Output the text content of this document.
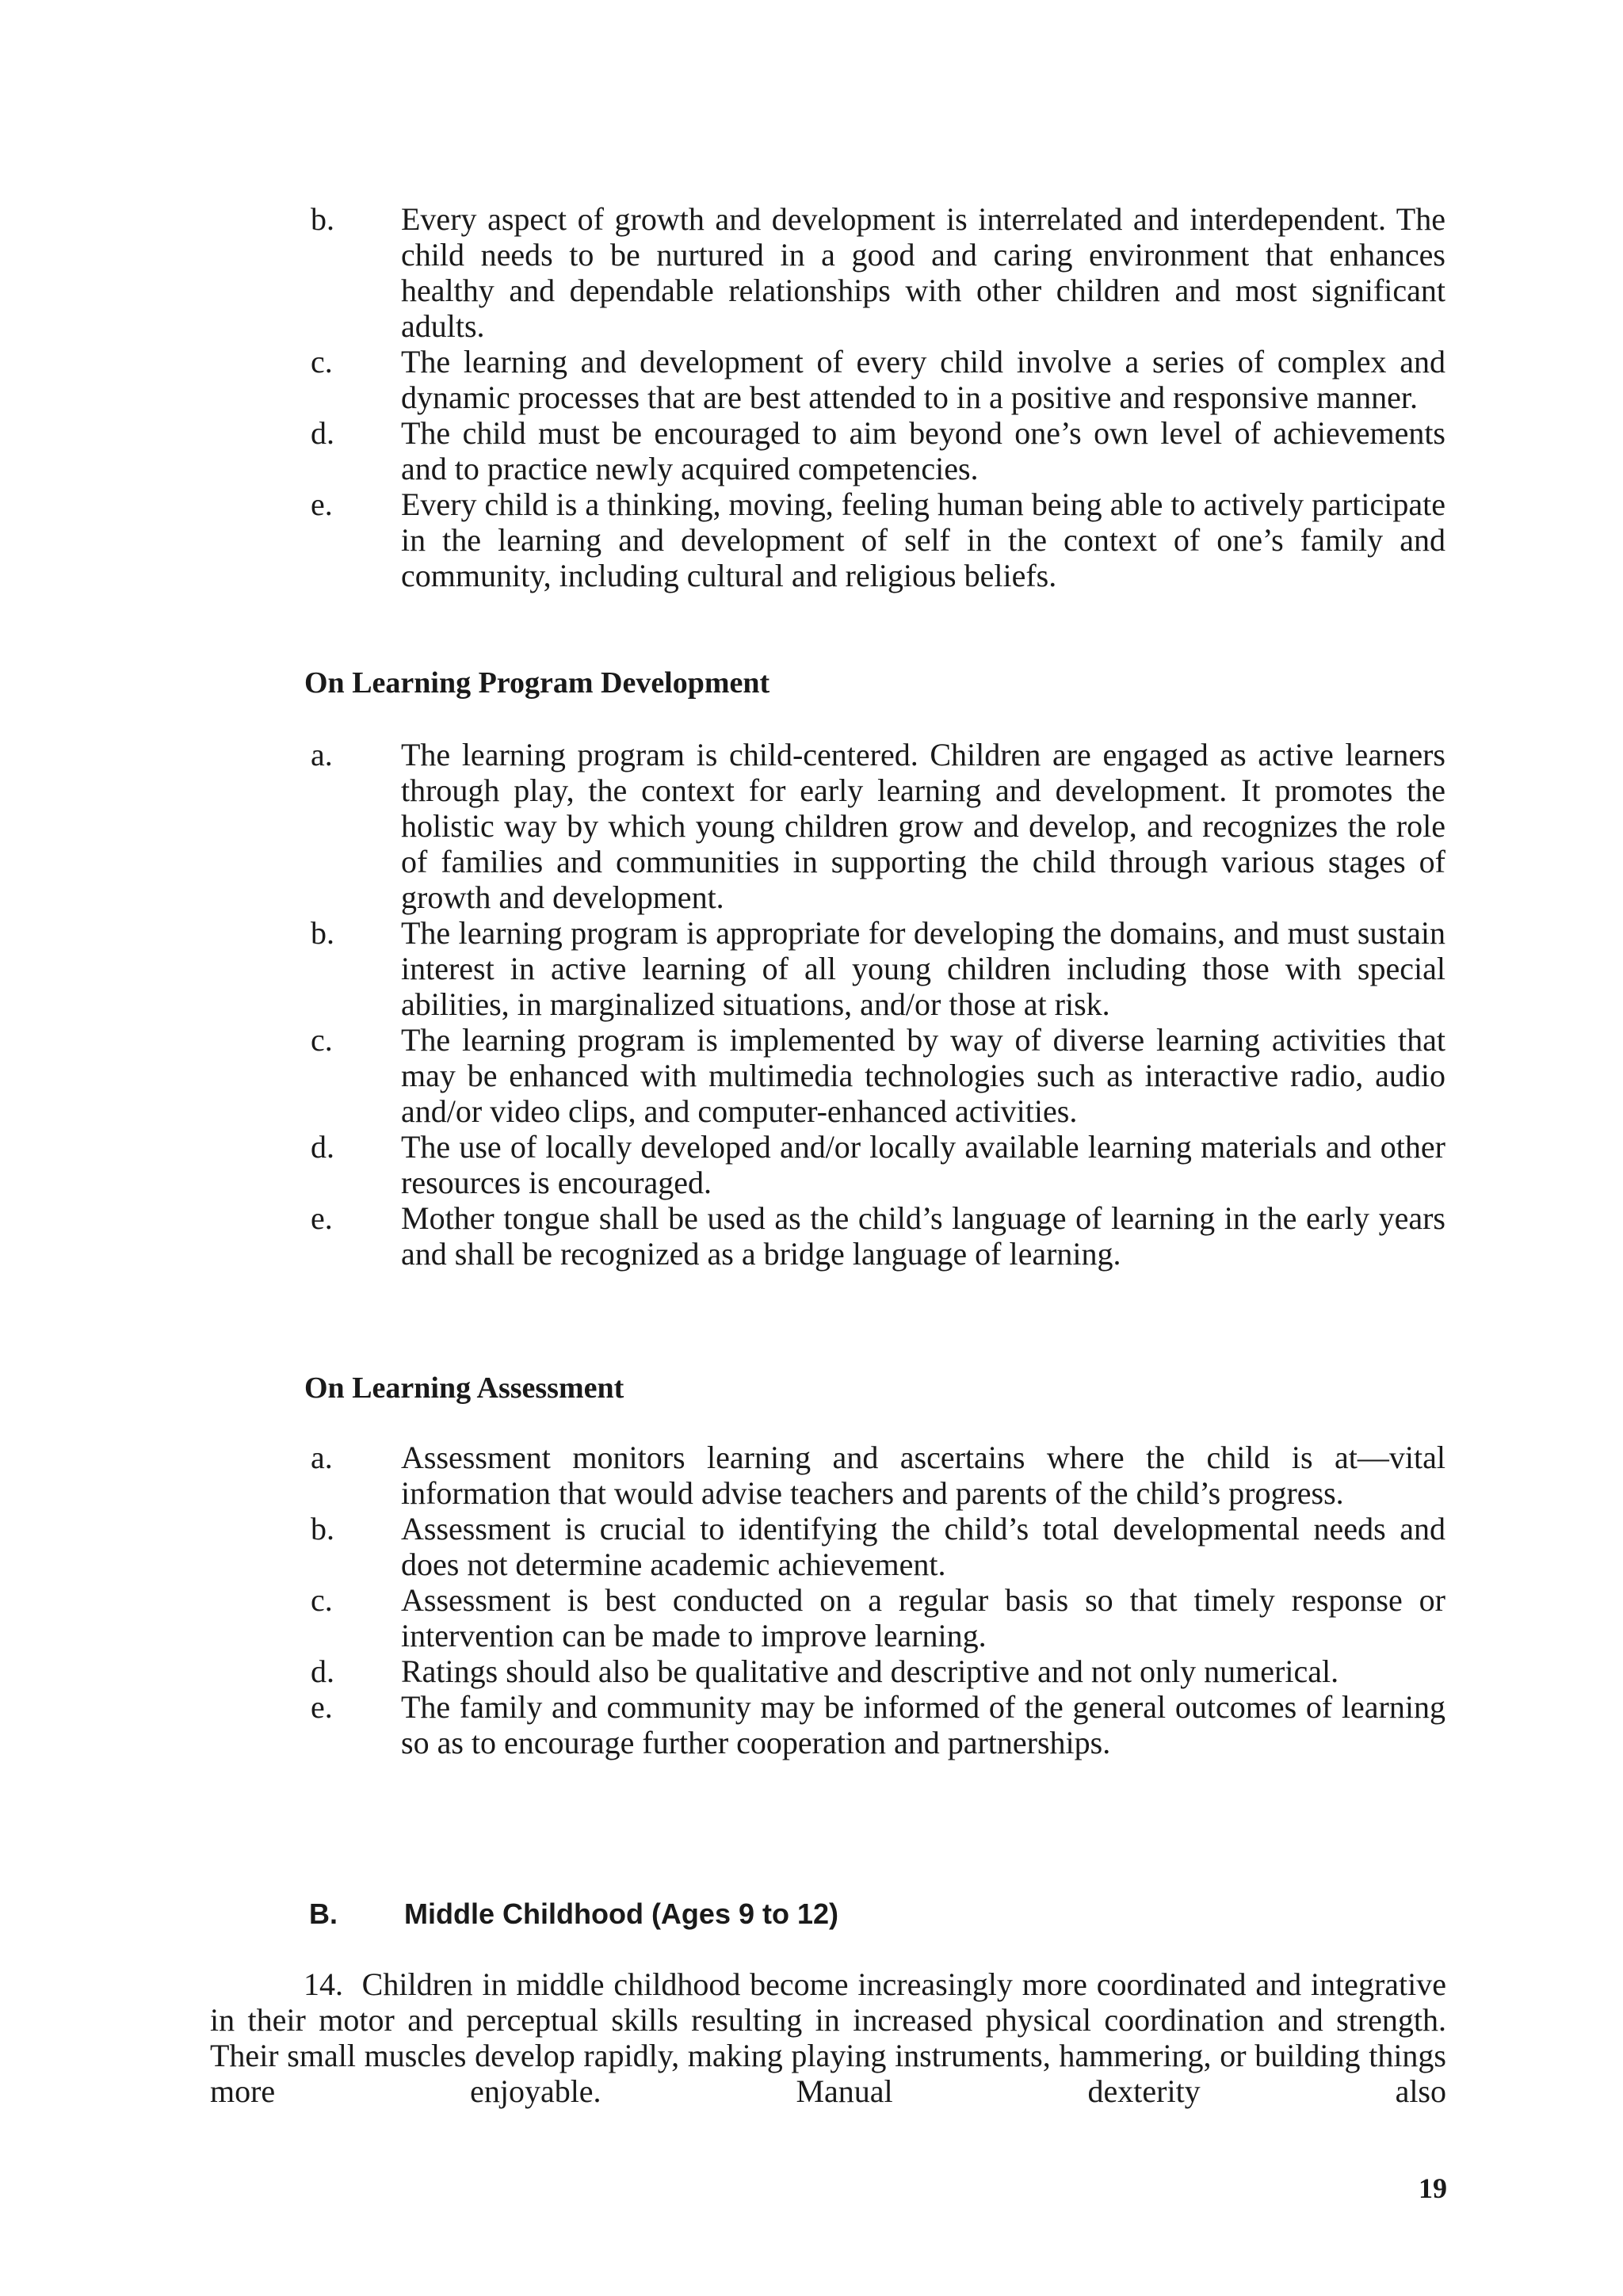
b.	Every aspect of growth and development is interrelated and interdependent. The child needs to be nurtured in a good and caring environment that enhances healthy and dependable relationships with other children and most significant adults.
c.	The learning and development of every child involve a series of complex and dynamic processes that are best attended to in a positive and responsive manner.
d.	The child must be encouraged to aim beyond one’s own level of achievements and to practice newly acquired competencies.
e.	Every child is a thinking, moving, feeling human being able to actively participate in the learning and development of self in the context of one’s family and community, including cultural and religious beliefs.
On Learning Program Development
a.	The learning program is child-centered. Children are engaged as active learners through play, the context for early learning and development. It promotes the holistic way by which young children grow and develop, and recognizes the role of families and communities in supporting the child through various stages of growth and development.
b.	The learning program is appropriate for developing the domains, and must sustain interest in active learning of all young children including those with special abilities, in marginalized situations, and/or those at risk.
c.	The learning program is implemented by way of diverse learning activities that may be enhanced with multimedia technologies such as interactive radio, audio and/or video clips, and computer-enhanced activities.
d.	The use of locally developed and/or locally available learning materials and other resources is encouraged.
e.	Mother tongue shall be used as the child’s language of learning in the early years and shall be recognized as a bridge language of learning.
On Learning Assessment
a.	Assessment monitors learning and ascertains where the child is at—vital information that would advise teachers and parents of the child’s progress.
b.	Assessment is crucial to identifying the child’s total developmental needs and does not determine academic achievement.
c.	Assessment is best conducted on a regular basis so that timely response or intervention can be made to improve learning.
d.	Ratings should also be qualitative and descriptive and not only numerical.
e.	The family and community may be informed of the general outcomes of learning so as to encourage further cooperation and partnerships.
B.	Middle Childhood (Ages 9 to 12)

14. Children in middle childhood become increasingly more coordinated and integrative in their motor and perceptual skills resulting in increased physical coordination and strength. Their small muscles develop rapidly, making playing instruments, hammering, or building things more enjoyable. Manual dexterity also

19
